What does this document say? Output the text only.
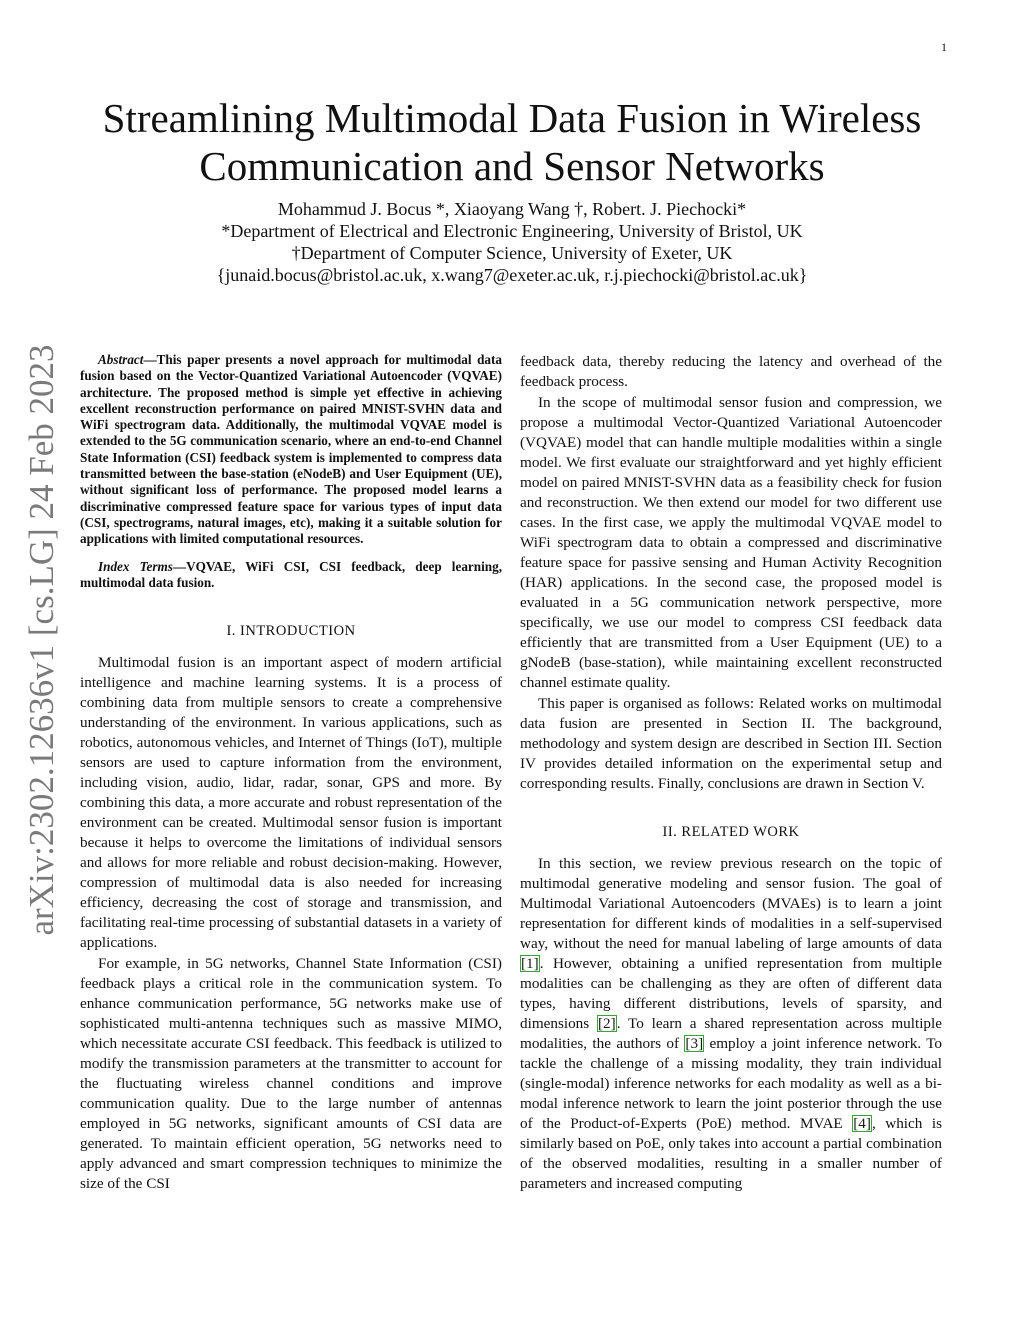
1
Streamlining Multimodal Data Fusion in Wireless Communication and Sensor Networks
Mohammud J. Bocus *, Xiaoyang Wang †, Robert. J. Piechocki*
*Department of Electrical and Electronic Engineering, University of Bristol, UK
†Department of Computer Science, University of Exeter, UK
{junaid.bocus@bristol.ac.uk, x.wang7@exeter.ac.uk, r.j.piechocki@bristol.ac.uk}
arXiv:2302.12636v1 [cs.LG] 24 Feb 2023	Abstract—This paper presents a novel approach for multimodal data fusion based on the Vector-Quantized Variational Autoencoder (VQVAE) architecture. The proposed method is simple yet effective in achieving excellent reconstruction performance on paired MNIST-SVHN data and WiFi spectrogram data. Additionally, the multimodal VQVAE model is extended to the 5G communication scenario, where an end-to-end Channel State Information (CSI) feedback system is implemented to compress data transmitted between the base-station (eNodeB) and User Equipment (UE), without significant loss of performance. The proposed model learns a discriminative compressed feature space for various types of input data (CSI, spectrograms, natural images, etc), making it a suitable solution for applications with limited computational resources.

Index Terms—VQVAE, WiFi CSI, CSI feedback, deep learning, multimodal data fusion.

I. INTRODUCTION

Multimodal fusion is an important aspect of modern artificial intelligence and machine learning systems. It is a process of combining data from multiple sensors to create a comprehensive understanding of the environment. In various applications, such as robotics, autonomous vehicles, and Internet of Things (IoT), multiple sensors are used to capture information from the environment, including vision, audio, lidar, radar, sonar, GPS and more. By combining this data, a more accurate and robust representation of the environment can be created. Multimodal sensor fusion is important because it helps to overcome the limitations of individual sensors and allows for more reliable and robust decision-making. However, compression of multimodal data is also needed for increasing efficiency, decreasing the cost of storage and transmission, and facilitating real-time processing of substantial datasets in a variety of applications.

For example, in 5G networks, Channel State Information (CSI) feedback plays a critical role in the communication system. To enhance communication performance, 5G networks make use of sophisticated multi-antenna techniques such as massive MIMO, which necessitate accurate CSI feedback. This feedback is utilized to modify the transmission parameters at the transmitter to account for the fluctuating wireless channel conditions and improve communication quality. Due to the large number of antennas employed in 5G networks, significant amounts of CSI data are generated. To maintain efficient operation, 5G networks need to apply advanced and smart compression techniques to minimize the size of the CSI

feedback data, thereby reducing the latency and overhead of the feedback process.

In the scope of multimodal sensor fusion and compression, we propose a multimodal Vector-Quantized Variational Autoencoder (VQVAE) model that can handle multiple modalities within a single model. We first evaluate our straightforward and yet highly efficient model on paired MNIST-SVHN data as a feasibility check for fusion and reconstruction. We then extend our model for two different use cases. In the first case, we apply the multimodal VQVAE model to WiFi spectrogram data to obtain a compressed and discriminative feature space for passive sensing and Human Activity Recognition (HAR) applications. In the second case, the proposed model is evaluated in a 5G communication network perspective, more specifically, we use our model to compress CSI feedback data efficiently that are transmitted from a User Equipment (UE) to a gNodeB (base-station), while maintaining excellent reconstructed channel estimate quality.

This paper is organised as follows: Related works on multimodal data fusion are presented in Section II. The background, methodology and system design are described in Section III. Section IV provides detailed information on the experimental setup and corresponding results. Finally, conclusions are drawn in Section V.

II. RELATED WORK

In this section, we review previous research on the topic of multimodal generative modeling and sensor fusion. The goal of Multimodal Variational Autoencoders (MVAEs) is to learn a joint representation for different kinds of modalities in a self-supervised way, without the need for manual labeling of large amounts of data [1]. However, obtaining a unified representation from multiple modalities can be challenging as they are often of different data types, having different distributions, levels of sparsity, and dimensions [2]. To learn a shared representation across multiple modalities, the authors of [3] employ a joint inference network. To tackle the challenge of a missing modality, they train individual (single-modal) inference networks for each modality as well as a bi-modal inference network to learn the joint posterior through the use of the Product-of-Experts (PoE) method. MVAE [4], which is similarly based on PoE, only takes into account a partial combination of the observed modalities, resulting in a smaller number of parameters and increased computing
